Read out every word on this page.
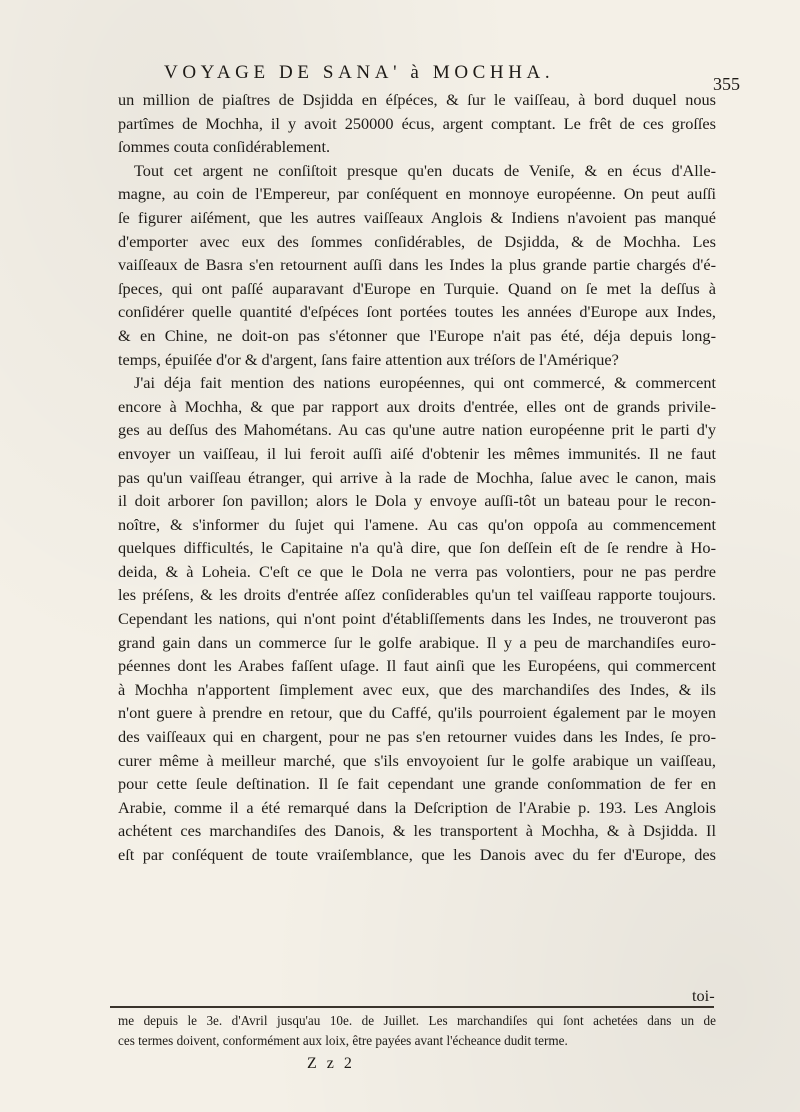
VOYAGE DE SANA' à MOCHHA.
355
un million de piaſtres de Dsjidda en éſpéces, & ſur le vaiſſeau, à bord duquel nous
partîmes de Mochha, il y avoit 250000 écus, argent comptant. Le frêt de ces groſſes
ſommes couta conſidérablement.
Tout cet argent ne conſiſtoit presque qu'en ducats de Veniſe, & en écus d'Alle-
magne, au coin de l'Empereur, par conſéquent en monnoye européenne. On peut auſſi
ſe figurer aiſément, que les autres vaiſſeaux Anglois & Indiens n'avoient pas manqué
d'emporter avec eux des ſommes conſidérables, de Dsjidda, & de Mochha. Les
vaiſſeaux de Basra s'en retournent auſſi dans les Indes la plus grande partie chargés d'é-
ſpeces, qui ont paſſé auparavant d'Europe en Turquie. Quand on ſe met la deſſus à
conſidérer quelle quantité d'eſpéces ſont portées toutes les années d'Europe aux Indes,
& en Chine, ne doit-on pas s'étonner que l'Europe n'ait pas été, déja depuis long-
temps, épuiſée d'or & d'argent, ſans faire attention aux tréſors de l'Amérique?
J'ai déja fait mention des nations européennes, qui ont commercé, & commercent
encore à Mochha, & que par rapport aux droits d'entrée, elles ont de grands privile-
ges au deſſus des Mahométans. Au cas qu'une autre nation européenne prit le parti d'y
envoyer un vaiſſeau, il lui feroit auſſi aiſé d'obtenir les mêmes immunités. Il ne faut
pas qu'un vaiſſeau étranger, qui arrive à la rade de Mochha, ſalue avec le canon, mais
il doit arborer ſon pavillon; alors le Dola y envoye auſſi-tôt un bateau pour le recon-
noître, & s'informer du ſujet qui l'amene. Au cas qu'on oppoſa au commencement
quelques difficultés, le Capitaine n'a qu'à dire, que ſon deſſein eſt de ſe rendre à Ho-
deida, & à Loheia. C'eſt ce que le Dola ne verra pas volontiers, pour ne pas perdre
les préſens, & les droits d'entrée aſſez conſiderables qu'un tel vaiſſeau rapporte toujours.
Cependant les nations, qui n'ont point d'établiſſements dans les Indes, ne trouveront pas
grand gain dans un commerce ſur le golfe arabique. Il y a peu de marchandiſes euro-
péennes dont les Arabes faſſent uſage. Il faut ainſi que les Européens, qui commercent
à Mochha n'apportent ſimplement avec eux, que des marchandiſes des Indes, & ils
n'ont guere à prendre en retour, que du Caffé, qu'ils pourroient également par le moyen
des vaiſſeaux qui en chargent, pour ne pas s'en retourner vuides dans les Indes, ſe pro-
curer même à meilleur marché, que s'ils envoyoient ſur le golfe arabique un vaiſſeau,
pour cette ſeule deſtination. Il ſe fait cependant une grande conſommation de fer en
Arabie, comme il a été remarqué dans la Deſcription de l'Arabie p. 193. Les Anglois
achétent ces marchandiſes des Danois, & les transportent à Mochha, & à Dsjidda. Il
eſt par conſéquent de toute vraiſemblance, que les Danois avec du fer d'Europe, des
toi-
me depuis le 3e. d'Avril jusqu'au 10e. de Juillet. Les marchandiſes qui ſont achetées dans un de
ces termes doivent, conformément aux loix, être payées avant l'écheance dudit terme.
Z z 2
